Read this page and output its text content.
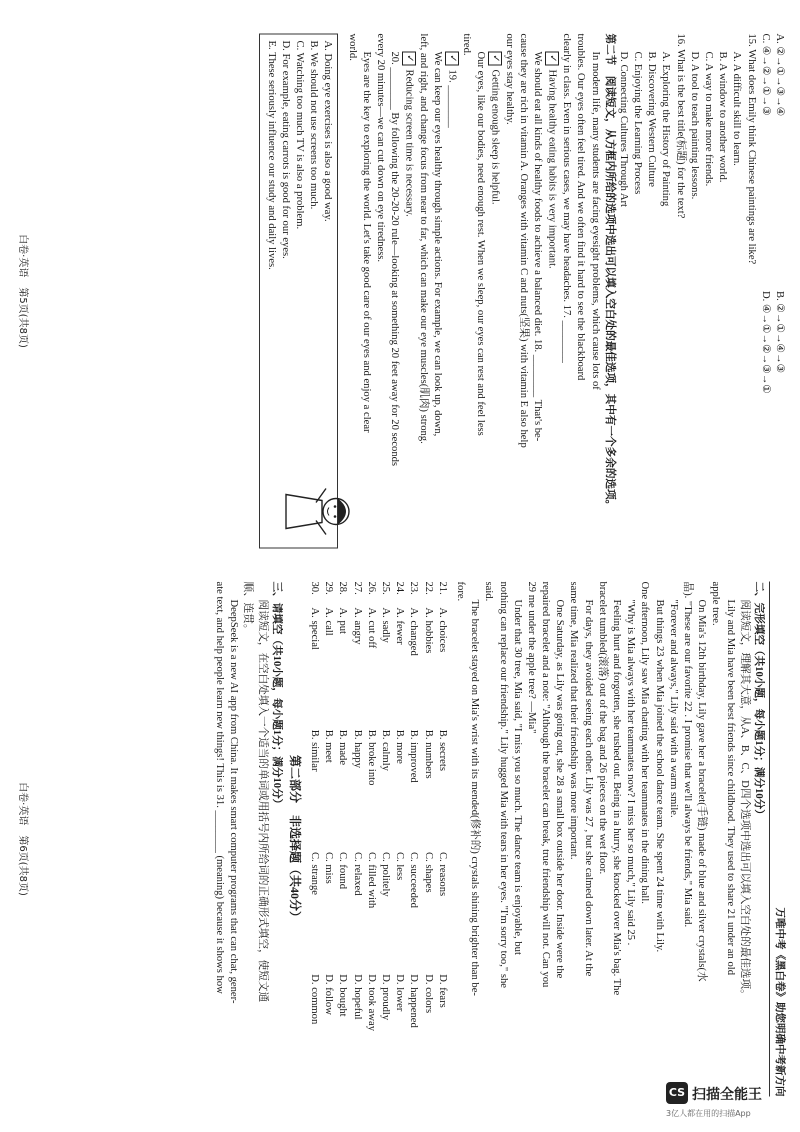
A. ②→①→③→④
B. ②→①→④→③
C. ④→②→①→③
D. ④→①→②→③→①
15. What does Emily think Chinese paintings are like?
A. A difficult skill to learn.
B. A window to another world.
C. A way to make more friends.
D. A tool to teach painting lessons.
16. What is the best title(标题) for the text?
A. Exploring the History of Painting
B. Discovering Western Culture
C. Enjoying the Learning Process
D. Connecting Cultures Through Art
第二节　阅读短文，从方框内所给的选项中选出可以填入空白处的最佳选项，其中有一个多余的选项。
In modern life, many students are facing eyesight problems, which cause lots of
troubles. Our eyes often feel tired. And we often find it hard to see the blackboard
clearly in class. Even in serious cases, we may have headaches. 17. ________
✓Having healthy eating habits is very important.
We should eat all kinds of healthy foods to achieve a balanced diet. 18. ________ That's be-
cause they are rich in vitamin A. Oranges with vitamin C and nuts(坚果) with vitamin E also help
our eyes stay healthy.
✓Getting enough sleep is helpful.
Our eyes, like our bodies, need enough rest. When we sleep, our eyes can rest and feel less
tired.
✓19. ________
We can keep our eyes healthy through simple actions. For example, we can look up, down,
left, and right, and change focus from near to far, which can make our eye muscles(肌肉) strong.
✓Reducing screen time is necessary.
20. ________ By following the 20-20-20 rule—looking at something 20 feet away for 20 seconds
every 20 minutes—we can cut down on eye tiredness.
Eyes are the key to exploring the world. Let's take good care of our eyes and enjoy a clear
world.
A. Doing eye exercises is also a good way.
B. We should not use screens too much.
C. Watching too much TV is also a problem.
D. For example, eating carrots is good for our eyes.
E. These seriously influence our study and daily lives.
白卷·英语　第5页(共8页)
万唯中考《黑白卷》助您明确中考新方向
二、完形填空（共10小题，每小题1分；满分10分）
阅读短文，理解其大意，从A、B、C、D四个选项中选出可以填入空白处的最佳选项。
Lily and Mia have been best friends since childhood. They used to share 21 under an old
apple tree.
On Mia's 12th birthday, Lily gave her a bracelet(手链) made of blue and silver crystals(水
晶). "These are our favorite 22 . I promise that we'll always be friends," Mia said.
"Forever and always," Lily said with a warm smile.
But things 23 when Mia joined the school dance team. She spent 24 time with Lily.
One afternoon, Lily saw Mia chatting with her teammates in the dining hall.
"Why is Mia always with her teammates now? I miss her so much," Lily said 25 .
Feeling hurt and forgotten, she rushed out. Being in a hurry, she knocked over Mia's bag. The
bracelet tumbled(滚落) out of the bag and 26 pieces on the wet floor.
For days, they avoided seeing each other. Lily was 27 , but she calmed down later. At the
same time, Mia realized that their friendship was more important.
One Saturday, as Lily was going out, she 28 a small box outside her door. Inside were the
repaired bracelet and a note: "Although the bracelet can break, true friendship will not. Can you
29 me under the apple tree? —Mia"
Under that 30 tree, Mia said, "I miss you so much. The dance team is enjoyable, but
nothing can replace our friendship." Lily hugged Mia with tears in her eyes. "I'm sorry too," she
said.
The bracelet stayed on Mia's wrist with its mended(修补的) crystals shining brighter than be-
fore.
21.
A. choices
B. secrets
C. reasons
D. fears
22.
A. hobbies
B. numbers
C. shapes
D. colors
23.
A. changed
B. improved
C. succeeded
D. happened
24.
A. fewer
B. more
C. less
D. lower
25.
A. sadly
B. calmly
C. politely
D. proudly
26.
A. cut off
B. broke into
C. filled with
D. took away
27.
A. angry
B. happy
C. relaxed
D. hopeful
28.
A. put
B. made
C. found
D. bought
29.
A. call
B. meet
C. miss
D. follow
30.
A. special
B. similar
C. strange
D. common
第二部分　非选择题（共40分）
三、请填空（共10小题，每小题1分；满分10分）
阅读短文，在空白处填入一个适当的单词或用括号内所给词的正确形式填空，使短文通
顺、连贯。
DeepSeek is a new AI app from China. It makes smart computer programs that can chat, gener-
ate text, and help people learn new things! This is 31. ________ (meaning) because it shows how
白卷·英语　第6页(共8页)
CS 扫描全能王
3亿人都在用的扫描App
